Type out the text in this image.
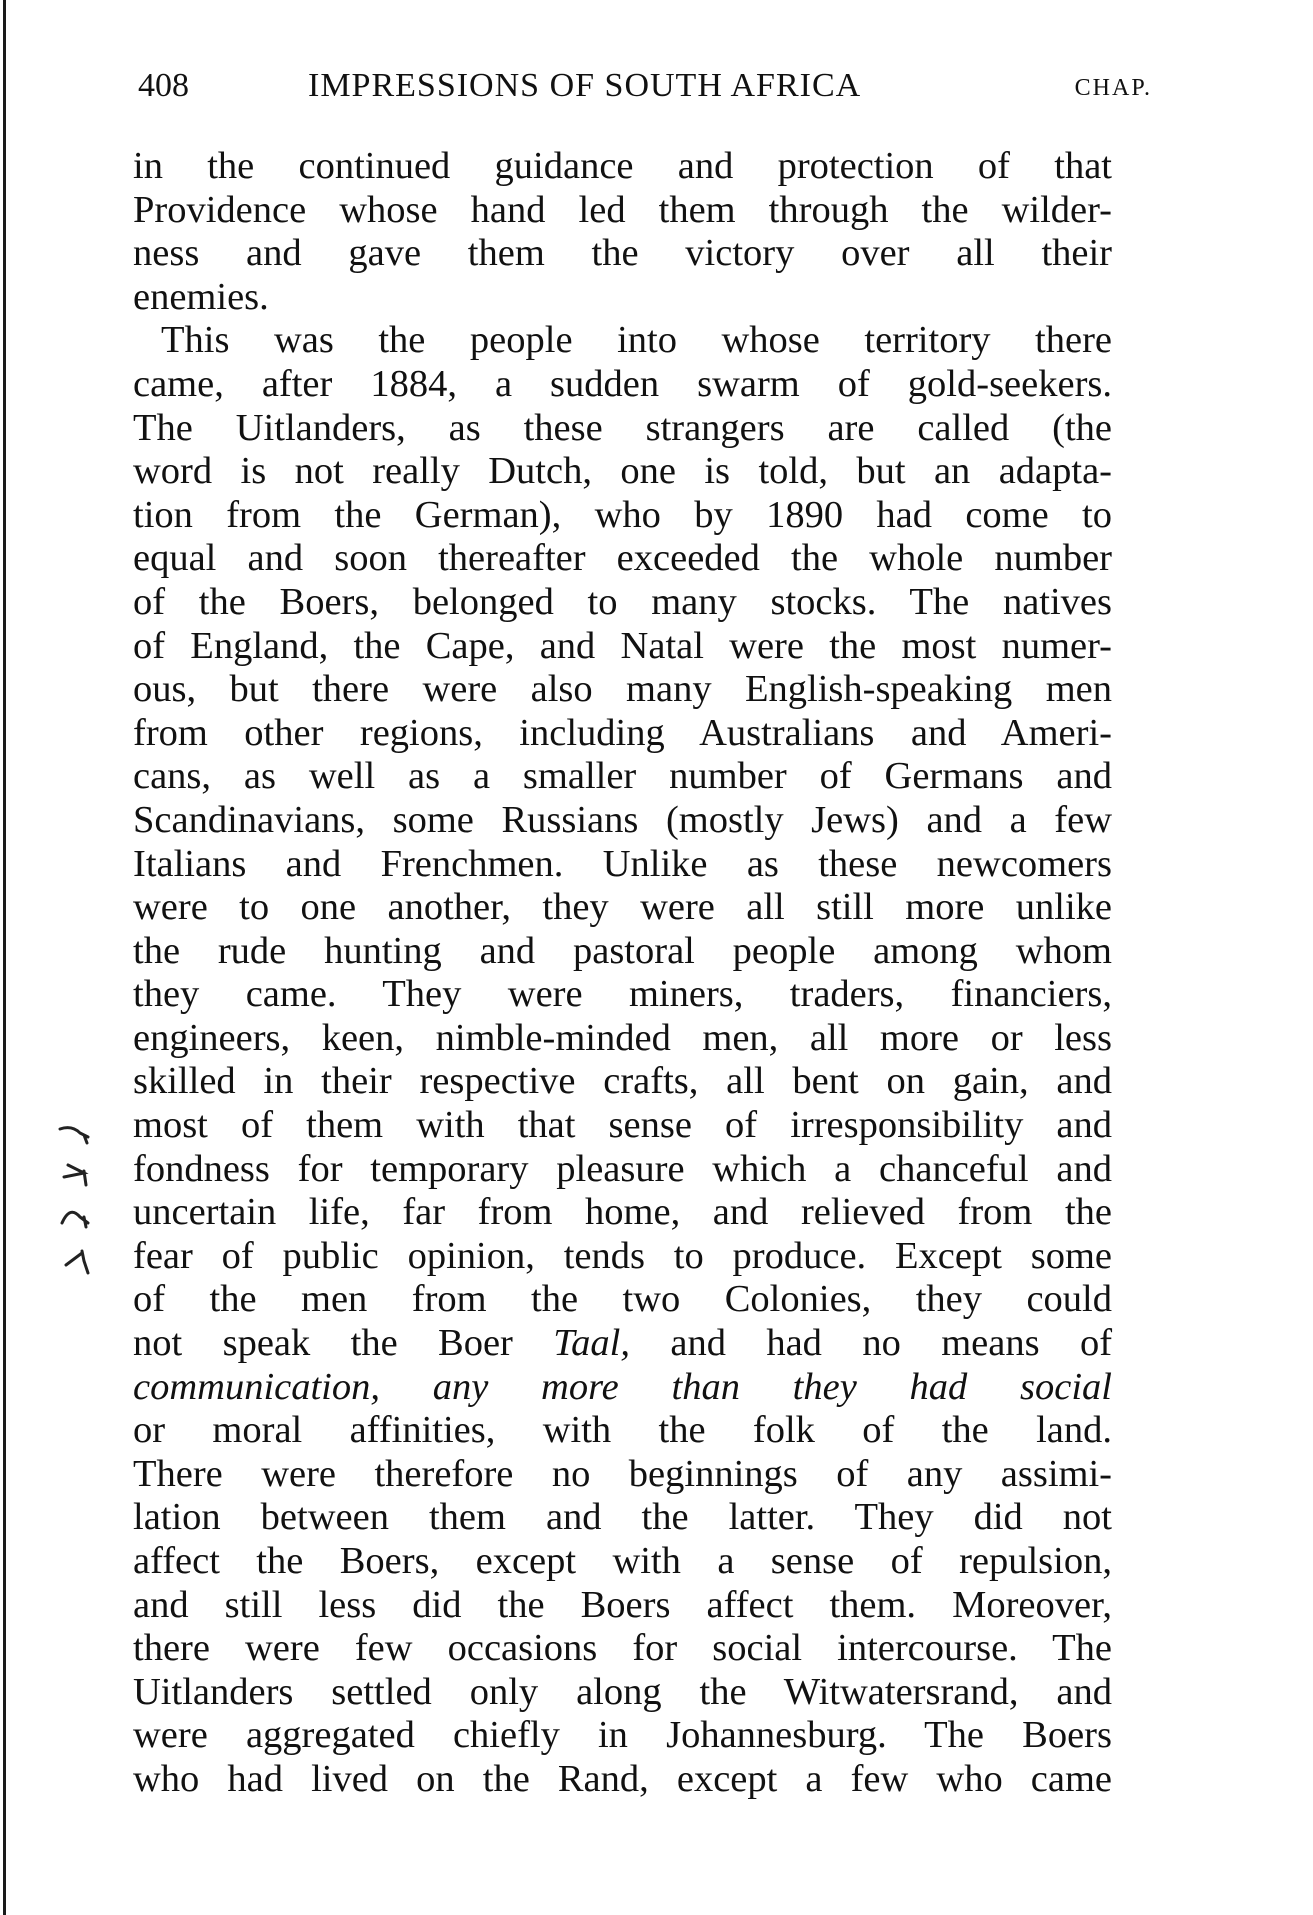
408	IMPRESSIONS OF SOUTH AFRICA	CHAP.
in the continued guidance and protection of that
Providence whose hand led them through the wilder-
ness and gave them the victory over all their
enemies.
This was the people into whose territory there
came, after 1884, a sudden swarm of gold-seekers.
The Uitlanders, as these strangers are called (the
word is not really Dutch, one is told, but an adapta-
tion from the German), who by 1890 had come to
equal and soon thereafter exceeded the whole number
of the Boers, belonged to many stocks. The natives
of England, the Cape, and Natal were the most numer-
ous, but there were also many English-speaking men
from other regions, including Australians and Ameri-
cans, as well as a smaller number of Germans and
Scandinavians, some Russians (mostly Jews) and a few
Italians and Frenchmen. Unlike as these newcomers
were to one another, they were all still more unlike
the rude hunting and pastoral people among whom
they came. They were miners, traders, financiers,
engineers, keen, nimble-minded men, all more or less
skilled in their respective crafts, all bent on gain, and
most of them with that sense of irresponsibility and
fondness for temporary pleasure which a chanceful and
uncertain life, far from home, and relieved from the
fear of public opinion, tends to produce. Except some
of the men from the two Colonies, they could
not speak the Boer Taal, and had no means of
communication, any more than they had social
or moral affinities, with the folk of the land.
There were therefore no beginnings of any assimi-
lation between them and the latter. They did not
affect the Boers, except with a sense of repulsion,
and still less did the Boers affect them. Moreover,
there were few occasions for social intercourse. The
Uitlanders settled only along the Witwatersrand, and
were aggregated chiefly in Johannesburg. The Boers
who had lived on the Rand, except a few who came
